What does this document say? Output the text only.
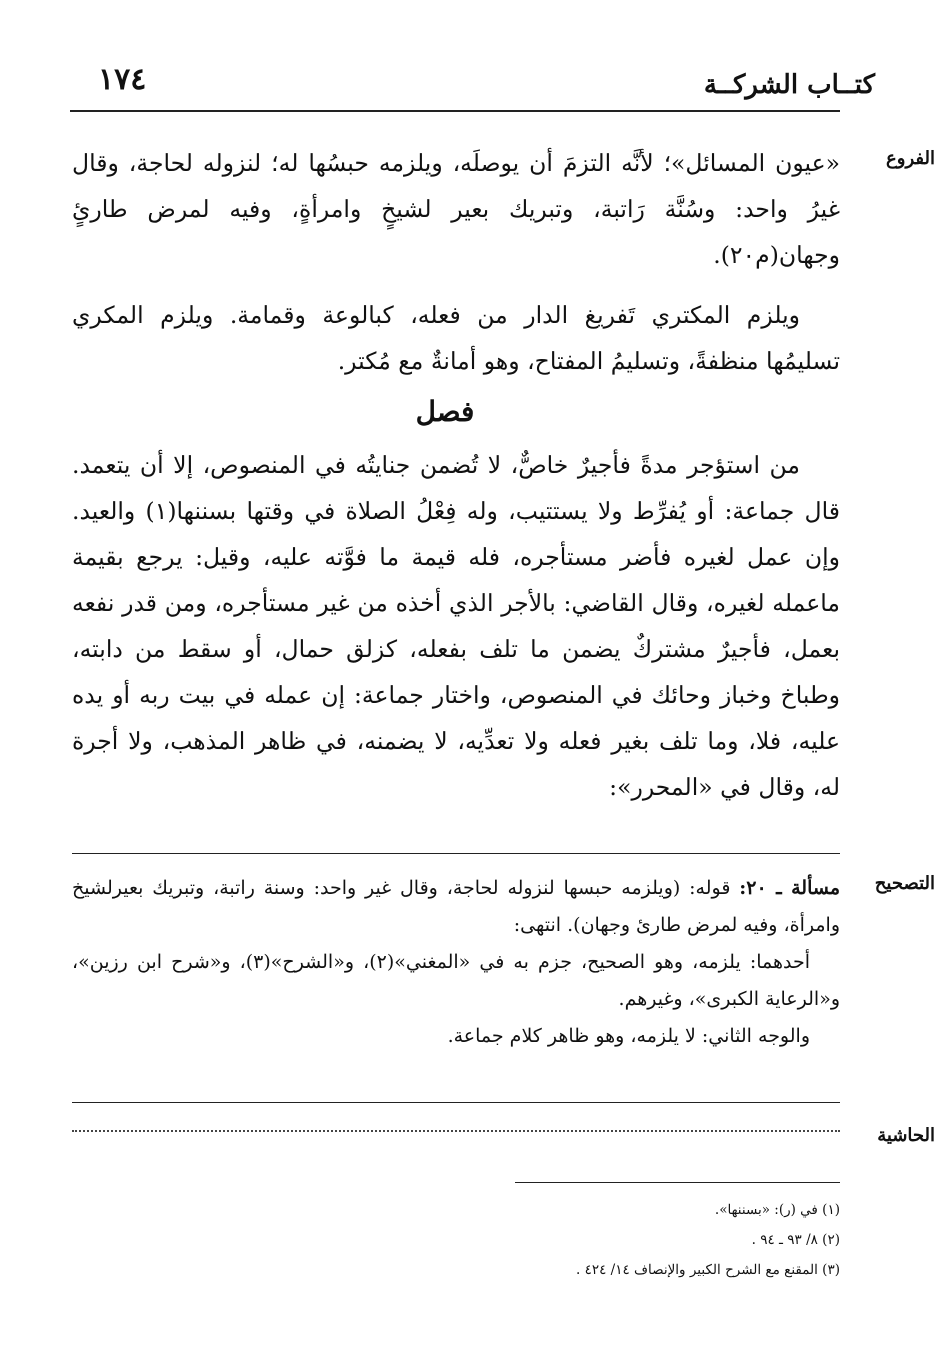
كتــاب الشركــة
١٧٤
الفروع
التصحيح
الحاشية

«عيون المسائل»؛ لأنَّه التزمَ أن يوصلَه، ويلزمه حبسُها له؛ لنزوله لحاجة، وقال غيرُ واحد: وسُنَّة رَاتبة، وتبريك بعير لشيخٍ وامرأةٍ، وفيه لمرض طارئٍ وجهان(م٢٠).

ويلزم المكتري تَفريغ الدار من فعله، كبالوعة وقمامة. ويلزم المكري تسليمُها منظفةً، وتسليمُ المفتاح، وهو أمانةٌ مع مُكتر.

فصل

من استؤجر مدةً فأجيرٌ خاصٌّ، لا تُضمن جنايتُه في المنصوص، إلا أن يتعمد. قال جماعة: أو يُفرِّط ولا يستتيب، وله فِعْلُ الصلاة في وقتها بسننها(١) والعيد. وإن عمل لغيره فأضر مستأجره، فله قيمة ما فوَّته عليه، وقيل: يرجع بقيمة ماعمله لغيره، وقال القاضي: بالأجر الذي أخذه من غير مستأجره، ومن قدر نفعه بعمل، فأجيرٌ مشتركٌ يضمن ما تلف بفعله، كزلق حمال، أو سقط من دابته، وطباخ وخباز وحائك في المنصوص، واختار جماعة: إن عمله في بيت ربه أو يده عليه، فلا، وما تلف بغير فعله ولا تعدِّيه، لا يضمنه، في ظاهر المذهب، ولا أجرة له، وقال في «المحرر»:

مسألة ـ ٢٠: قوله: (ويلزمه حبسها لنزوله لحاجة، وقال غير واحد: وسنة راتبة، وتبريك بعيرلشيخ وامرأة، وفيه لمرض طارئ وجهان). انتهى:

أحدهما: يلزمه، وهو الصحيح، جزم به في «المغني»(٢)، و«الشرح»(٣)، و«شرح ابن رزين»، و«الرعاية الكبرى»، وغيرهم.

والوجه الثاني: لا يلزمه، وهو ظاهر كلام جماعة.

(١) في (ر): «بسننها».
(٢) ٨/ ٩٣ ـ ٩٤ .
(٣) المقنع مع الشرح الكبير والإنصاف ١٤/ ٤٢٤ .
